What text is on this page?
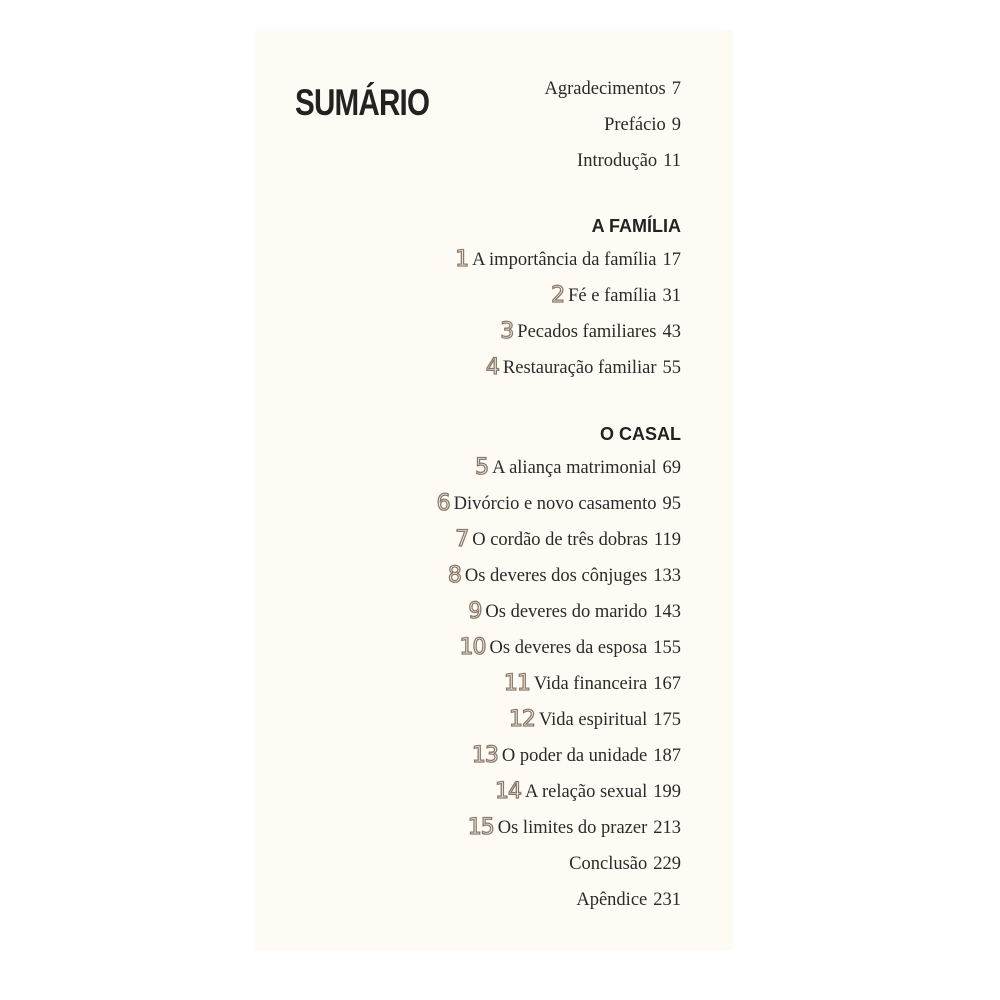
SUMÁRIO	Agradecimentos 7
Prefácio 9
Introdução 11
A FAMÍLIA
1 A importância da família 17
2 Fé e família 31
3 Pecados familiares 43
4 Restauração familiar 55
O CASAL
5 A aliança matrimonial 69
6 Divórcio e novo casamento 95
7 O cordão de três dobras 119
8 Os deveres dos cônjuges 133
9 Os deveres do marido 143
10 Os deveres da esposa 155
11 Vida financeira 167
12 Vida espiritual 175
13 O poder da unidade 187
14 A relação sexual 199
15 Os limites do prazer 213
Conclusão 229
Apêndice 231
